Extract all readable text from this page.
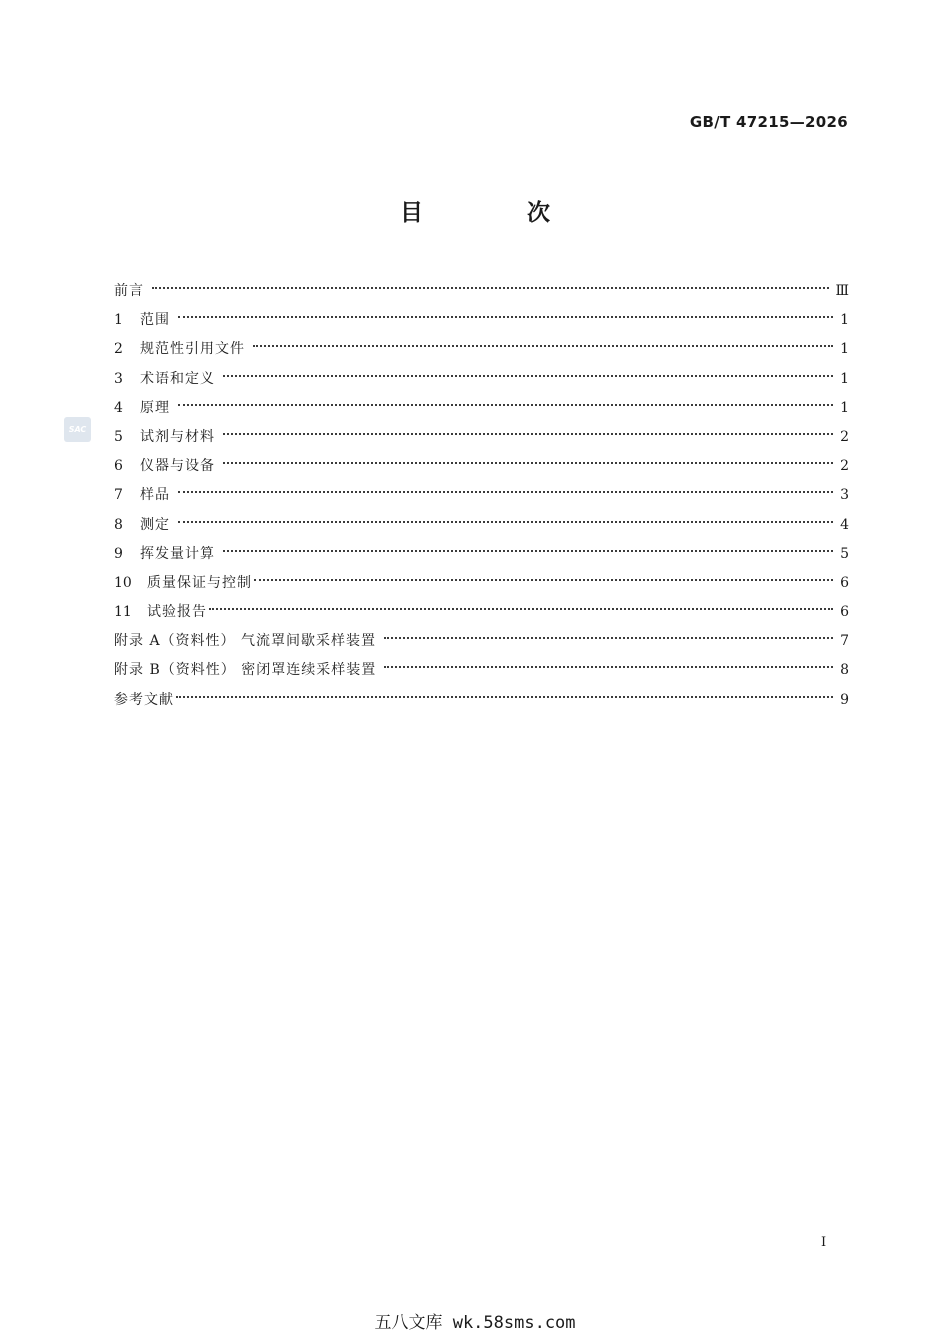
GB/T 47215—2026
目 次
SAC
前言	Ⅲ
1	范围	1
2	规范性引用文件	1
3	术语和定义	1
4	原理	1
5	试剂与材料	2
6	仪器与设备	2
7	样品	3
8	测定	4
9	挥发量计算	5
10	质量保证与控制	6
11	试验报告	6
附录 A（资料性） 气流罩间歇采样装置	7
附录 B（资料性） 密闭罩连续采样装置	8
参考文献	9
Ⅰ
五八文库 wk.58sms.com
